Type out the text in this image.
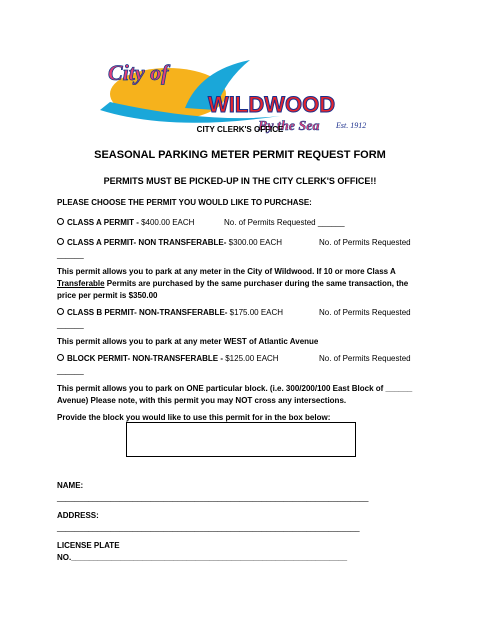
City of
WILDWOOD
By the Sea Est. 1912
CITY CLERK'S OFFICE
SEASONAL PARKING METER PERMIT REQUEST FORM
PERMITS MUST BE PICKED-UP IN THE CITY CLERK'S OFFICE!!
PLEASE CHOOSE THE PERMIT YOU WOULD LIKE TO PURCHASE:
CLASS A PERMIT - $400.00 EACH	No. of Permits Requested ______
CLASS A PERMIT- NON TRANSFERABLE- $300.00 EACH	No. of Permits Requested
______
This permit allows you to park at any meter in the City of Wildwood. If 10 or more Class A Transferable Permits are purchased by the same purchaser during the same transaction, the price per permit is $350.00
CLASS B PERMIT- NON-TRANSFERABLE- $175.00 EACH	No. of Permits Requested
______
This permit allows you to park at any meter WEST of Atlantic Avenue
BLOCK PERMIT- NON-TRANSFERABLE - $125.00 EACH	No. of Permits Requested
______
This permit allows you to park on ONE particular block. (i.e. 300/200/100 East Block of ______ Avenue) Please note, with this permit you may NOT cross any intersections.
Provide the block you would like to use this permit for in the box below:
NAME:
______________________________________________________________________
ADDRESS:
____________________________________________________________________
LICENSE PLATE
NO.______________________________________________________________
